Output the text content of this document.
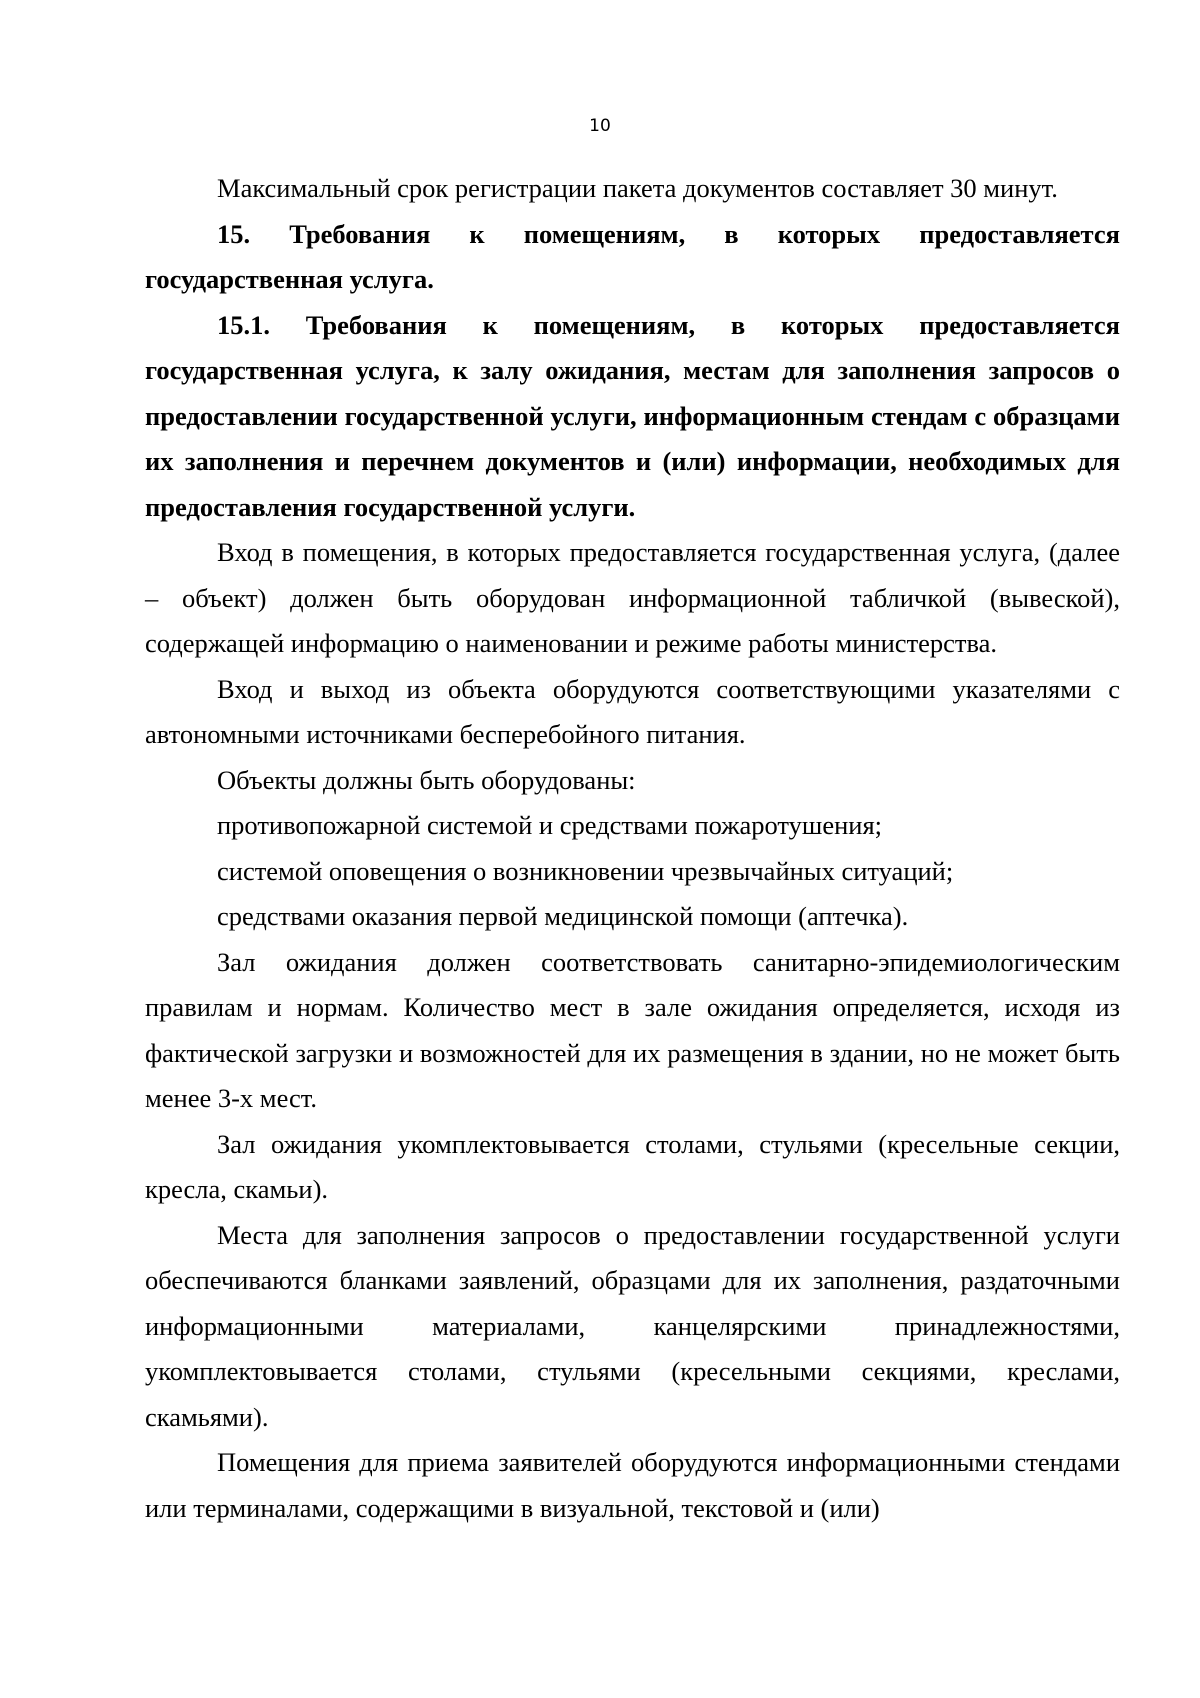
10

Максимальный срок регистрации пакета документов составляет 30 минут.

15. Требования к помещениям, в которых предоставляется государственная услуга.

15.1. Требования к помещениям, в которых предоставляется государственная услуга, к залу ожидания, местам для заполнения запросов о предоставлении государственной услуги, информационным стендам с образцами их заполнения и перечнем документов и (или) информации, необходимых для предоставления государственной услуги.

Вход в помещения, в которых предоставляется государственная услуга, (далее – объект) должен быть оборудован информационной табличкой (вывеской), содержащей информацию о наименовании и режиме работы министерства.

Вход и выход из объекта оборудуются соответствующими указателями с автономными источниками бесперебойного питания.

Объекты должны быть оборудованы:

противопожарной системой и средствами пожаротушения;

системой оповещения о возникновении чрезвычайных ситуаций;

средствами оказания первой медицинской помощи (аптечка).

Зал ожидания должен соответствовать санитарно-эпидемиологическим правилам и нормам. Количество мест в зале ожидания определяется, исходя из фактической загрузки и возможностей для их размещения в здании, но не может быть менее 3-х мест.

Зал ожидания укомплектовывается столами, стульями (кресельные секции, кресла, скамьи).

Места для заполнения запросов о предоставлении государственной услуги обеспечиваются бланками заявлений, образцами для их заполнения, раздаточными информационными материалами, канцелярскими принадлежностями, укомплектовывается столами, стульями (кресельными секциями, креслами, скамьями).

Помещения для приема заявителей оборудуются информационными стендами или терминалами, содержащими в визуальной, текстовой и (или)
